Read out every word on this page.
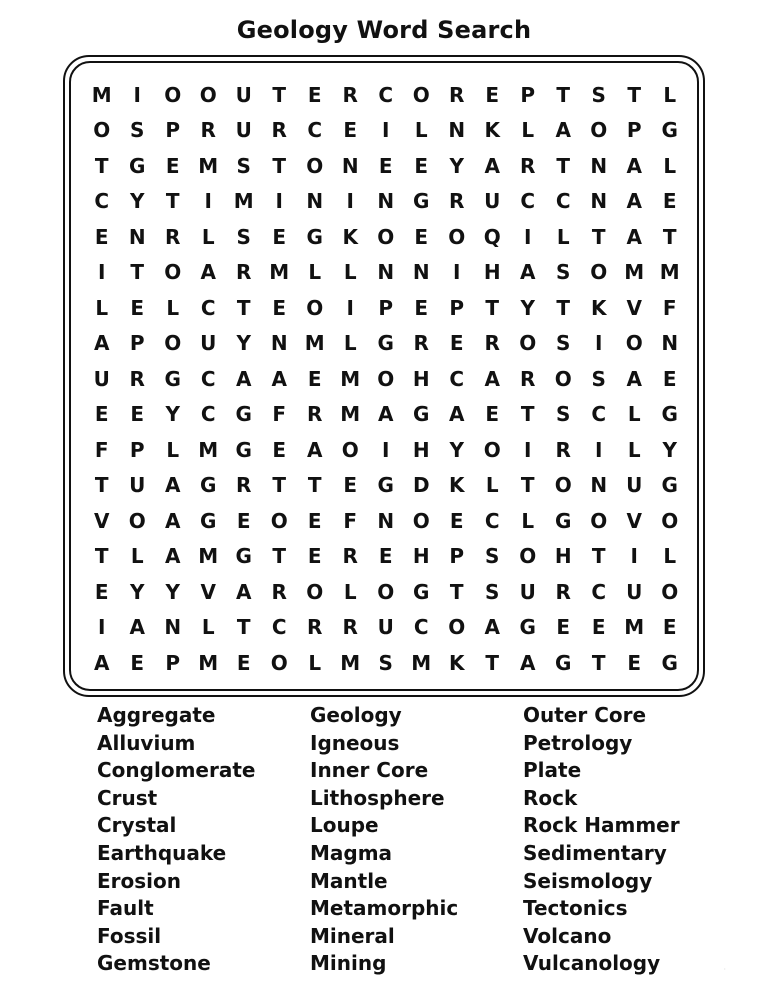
Geology Word Search
M	I	O O U	T	E	R	C O R	E	P	T	S	T	L
O S	P	R U R	C	E	I	L	N K	L	A O P G
T	G	E M S	T	O N	E	E	Y	A	R	T	N A	L
C	Y	T	I	M	I	N	I	N G R U	C	C N A	E
E	N R	L	S	E	G K O	E	O Q	I	L	T	A	T
I	T	O A	R M L	L	N N	I	H A	S O M M
L	E	L	C	T	E	O	I	P	E	P	T	Y	T	K	V	F
A	P O U	Y N M L	G R	E	R O S	I	O N
U R G C	A	A	E M O H C	A	R O S	A	E
E	E	Y	C G	F	R M A G A	E	T	S	C	L	G
F	P	L M G	E	A O	I	H Y O	I	R	I	L	Y
T	U A G R	T	T	E	G D K	L	T	O N U G
V O A G	E	O	E	F	N O	E	C	L	G O V O
T	L	A M G	T	E	R	E	H P	S O H	T	I	L
E	Y	Y	V	A	R O	L	O G	T	S	U R	C	U O
I	A N	L	T	C	R	R U	C O A G	E	E M E
A	E	P M E	O	L M S M K	T	A G	T	E	G
Aggregate
Alluvium
Conglomerate
Crust
Crystal
Earthquake
Erosion
Fault
Fossil
Gemstone
Geology
Igneous
Inner Core
Lithosphere
Loupe
Magma
Mantle
Metamorphic
Mineral
Mining
Outer Core
Petrology
Plate
Rock
Rock Hammer
Sedimentary
Seismology
Tectonics
Volcano
Vulcanology	·
